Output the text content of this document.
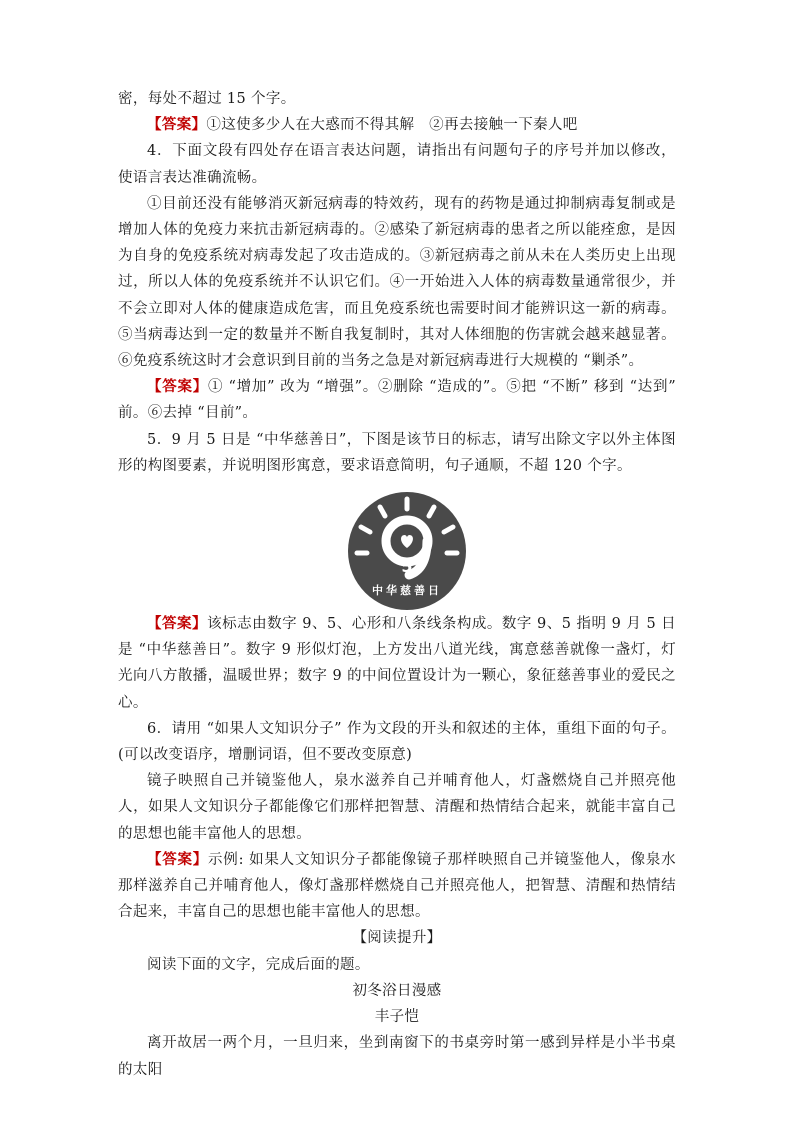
密，每处不超过 15 个字。

【答案】①这使多少人在大惑而不得其解　②再去接触一下秦人吧

4．下面文段有四处存在语言表达问题，请指出有问题句子的序号并加以修改，使语言表达准确流畅。

①目前还没有能够消灭新冠病毒的特效药，现有的药物是通过抑制病毒复制或是增加人体的免疫力来抗击新冠病毒的。②感染了新冠病毒的患者之所以能痊愈，是因为自身的免疫系统对病毒发起了攻击造成的。③新冠病毒之前从未在人类历史上出现过，所以人体的免疫系统并不认识它们。④一开始进入人体的病毒数量通常很少，并不会立即对人体的健康造成危害，而且免疫系统也需要时间才能辨识这一新的病毒。⑤当病毒达到一定的数量并不断自我复制时，其对人体细胞的伤害就会越来越显著。⑥免疫系统这时才会意识到目前的当务之急是对新冠病毒进行大规模的 “剿杀”。

【答案】① “增加” 改为 “增强”。②删除 “造成的”。⑤把 “不断” 移到 “达到” 前。⑥去掉 “目前”。

5．9 月 5 日是 “中华慈善日”，下图是该节日的标志，请写出除文字以外主体图形的构图要素，并说明图形寓意，要求语意简明，句子通顺，不超 120 个字。

5
中华慈善日

【答案】该标志由数字 9、5、心形和八条线条构成。数字 9、5 指明 9 月 5 日是 “中华慈善日”。数字 9 形似灯泡，上方发出八道光线，寓意慈善就像一盏灯，灯光向八方散播，温暖世界；数字 9 的中间位置设计为一颗心，象征慈善事业的爱民之心。

6．请用 “如果人文知识分子” 作为文段的开头和叙述的主体，重组下面的句子。(可以改变语序，增删词语，但不要改变原意)

镜子映照自己并镜鉴他人，泉水滋养自己并哺育他人，灯盏燃烧自己并照亮他人，如果人文知识分子都能像它们那样把智慧、清醒和热情结合起来，就能丰富自己的思想也能丰富他人的思想。

【答案】示例: 如果人文知识分子都能像镜子那样映照自己并镜鉴他人，像泉水那样滋养自己并哺育他人，像灯盏那样燃烧自己并照亮他人，把智慧、清醒和热情结合起来，丰富自己的思想也能丰富他人的思想。

【阅读提升】

阅读下面的文字，完成后面的题。

初冬浴日漫感

丰子恺

离开故居一两个月，一旦归来，坐到南窗下的书桌旁时第一感到异样是小半书桌的太阳
